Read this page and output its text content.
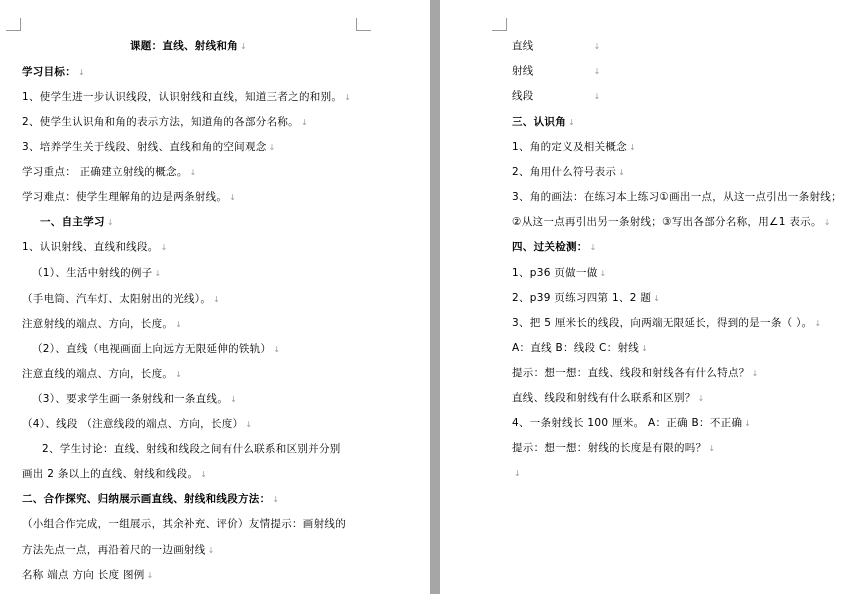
课题：直线、射线和角 ↓
学习目标： ↓
1、使学生进一步认识线段，认识射线和直线，知道三者之的和别。 ↓
2、使学生认识角和角的表示方法，知道角的各部分名称。 ↓
3、培养学生关于线段、射线、直线和角的空间观念 ↓
学习重点： 正确建立射线的概念。 ↓
学习难点：使学生理解角的边是两条射线。 ↓
一、自主学习 ↓
1、认识射线、直线和线段。 ↓
（1）、生活中射线的例子 ↓
（手电筒、汽车灯、太阳射出的光线）。 ↓
注意射线的端点、方向，长度。 ↓
（2）、直线（电视画面上向远方无限延伸的铁轨） ↓
注意直线的端点、方向，长度。 ↓
（3）、要求学生画一条射线和一条直线。 ↓
（4）、线段 （注意线段的端点、方向，长度） ↓
2、学生讨论：直线、射线和线段之间有什么联系和区别并分别
画出 2 条以上的直线、射线和线段。 ↓
二、合作探究、归纳展示画直线、射线和线段方法： ↓
（小组合作完成，一组展示，其余补充、评价）友情提示：画射线的
方法先点一点，再沿着尺的一边画射线 ↓
名称 端点 方向 长度 图例 ↓
直线	↓
射线	↓
线段	↓
三、认识角 ↓
1、角的定义及相关概念 ↓
2、角用什么符号表示 ↓
3、角的画法：在练习本上练习①画出一点，从这一点引出一条射线；
②从这一点再引出另一条射线；③写出各部分名称，用∠1 表示。 ↓
四、过关检测： ↓
1、p36 页做一做 ↓
2、p39 页练习四第 1、2 题 ↓
3、把 5 厘米长的线段，向两端无限延长，得到的是一条（ ）。 ↓
A：直线 B：线段 C：射线 ↓
提示：想一想：直线、线段和射线各有什么特点？ ↓
直线、线段和射线有什么联系和区别？ ↓
4、一条射线长 100 厘米。 A：正确 B：不正确 ↓
提示：想一想：射线的长度是有限的吗？ ↓
↓
